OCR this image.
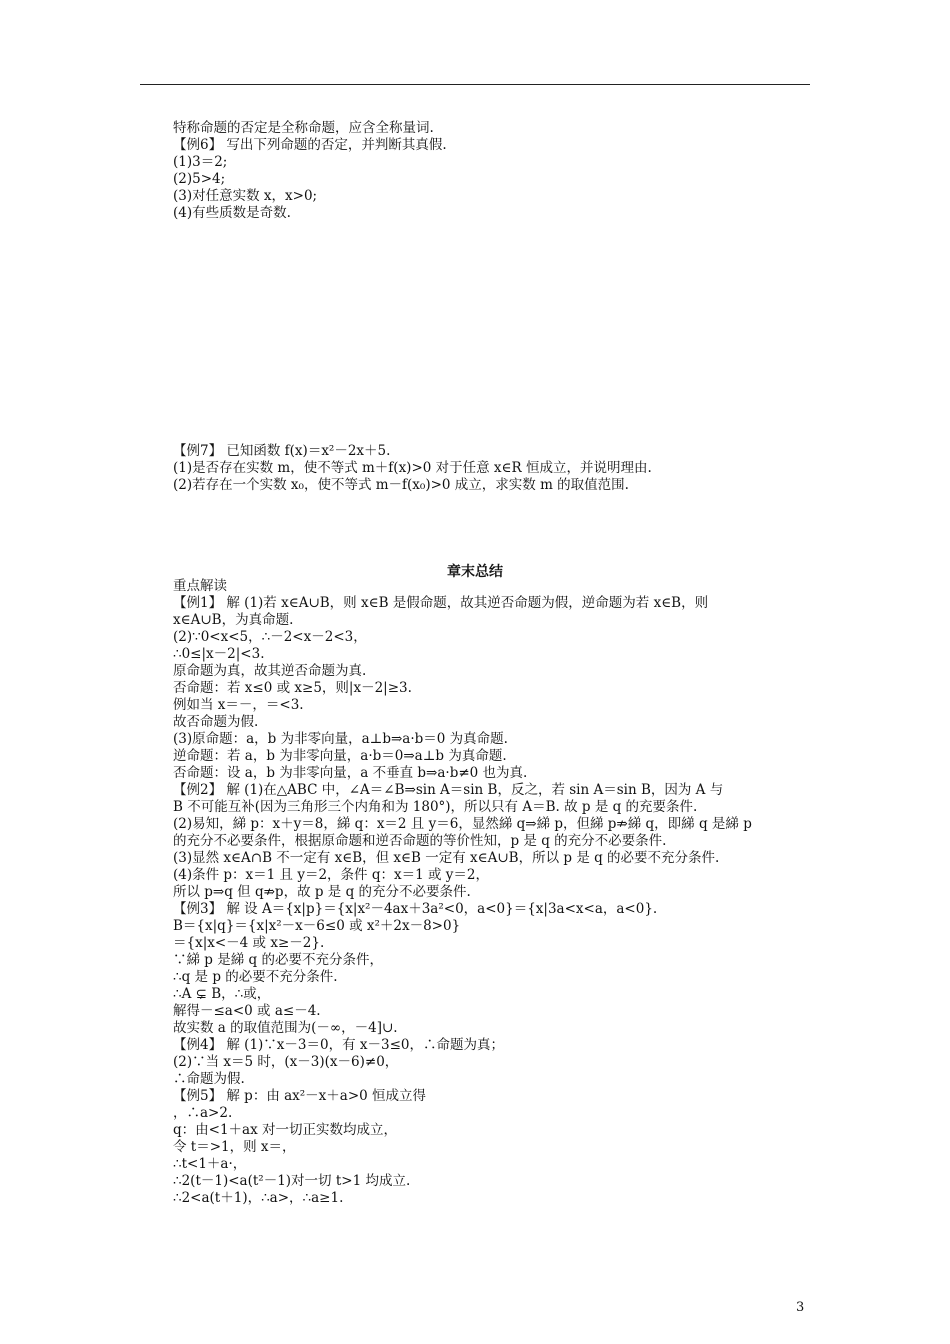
特称命题的否定是全称命题，应含全称量词.
【例6】 写出下列命题的否定，并判断其真假.
(1)3＝2;
(2)5>4;
(3)对任意实数 x，x>0;
(4)有些质数是奇数.
【例7】 已知函数 f(x)＝x²－2x＋5.
(1)是否存在实数 m，使不等式 m＋f(x)>0 对于任意 x∈R 恒成立，并说明理由.
(2)若存在一个实数 x₀，使不等式 m－f(x₀)>0 成立，求实数 m 的取值范围.
章末总结
重点解读
【例1】 解 (1)若 x∈A∪B，则 x∈B 是假命题，故其逆否命题为假，逆命题为若 x∈B，则
x∈A∪B，为真命题.
(2)∵0<x<5，∴－2<x－2<3，
∴0≤|x－2|<3.
原命题为真，故其逆否命题为真.
否命题：若 x≤0 或 x≥5，则|x－2|≥3.
例如当 x＝－，＝<3.
故否命题为假.
(3)原命题：a，b 为非零向量，a⊥b⇒a·b＝0 为真命题.
逆命题：若 a，b 为非零向量，a·b＝0⇒a⊥b 为真命题.
否命题：设 a，b 为非零向量，a 不垂直 b⇒a·b≠0 也为真.
【例2】 解 (1)在△ABC 中，∠A＝∠B⇒sin A＝sin B，反之，若 sin A＝sin B，因为 A 与
B 不可能互补(因为三角形三个内角和为 180°)，所以只有 A＝B. 故 p 是 q 的充要条件.
(2)易知，綈 p：x＋y＝8，綈 q：x＝2 且 y＝6，显然綈 q⇒綈 p，但綈 p⇏綈 q，即綈 q 是綈 p
的充分不必要条件，根据原命题和逆否命题的等价性知，p 是 q 的充分不必要条件.
(3)显然 x∈A∩B 不一定有 x∈B，但 x∈B 一定有 x∈A∪B，所以 p 是 q 的必要不充分条件.
(4)条件 p：x＝1 且 y＝2，条件 q：x＝1 或 y＝2，
所以 p⇒q 但 q⇏p，故 p 是 q 的充分不必要条件.
【例3】 解 设 A＝{x|p}＝{x|x²－4ax＋3a²<0，a<0}＝{x|3a<x<a，a<0}.
B＝{x|q}＝{x|x²－x－6≤0 或 x²＋2x－8>0}
＝{x|x<－4 或 x≥－2}.
∵綈 p 是綈 q 的必要不充分条件，
∴q 是 p 的必要不充分条件.
∴A ⊊ B，∴或，
解得－≤a<0 或 a≤－4.
故实数 a 的取值范围为(－∞，－4]∪.
【例4】 解 (1)∵x－3＝0，有 x－3≤0，∴命题为真；
(2)∵当 x＝5 时，(x－3)(x－6)≠0，
∴命题为假.
【例5】 解 p：由 ax²－x＋a>0 恒成立得
，∴a>2.
q：由<1＋ax 对一切正实数均成立，
令 t＝>1，则 x＝，
∴t<1＋a·，
∴2(t－1)<a(t²－1)对一切 t>1 均成立.
∴2<a(t＋1)，∴a>，∴a≥1.
3
